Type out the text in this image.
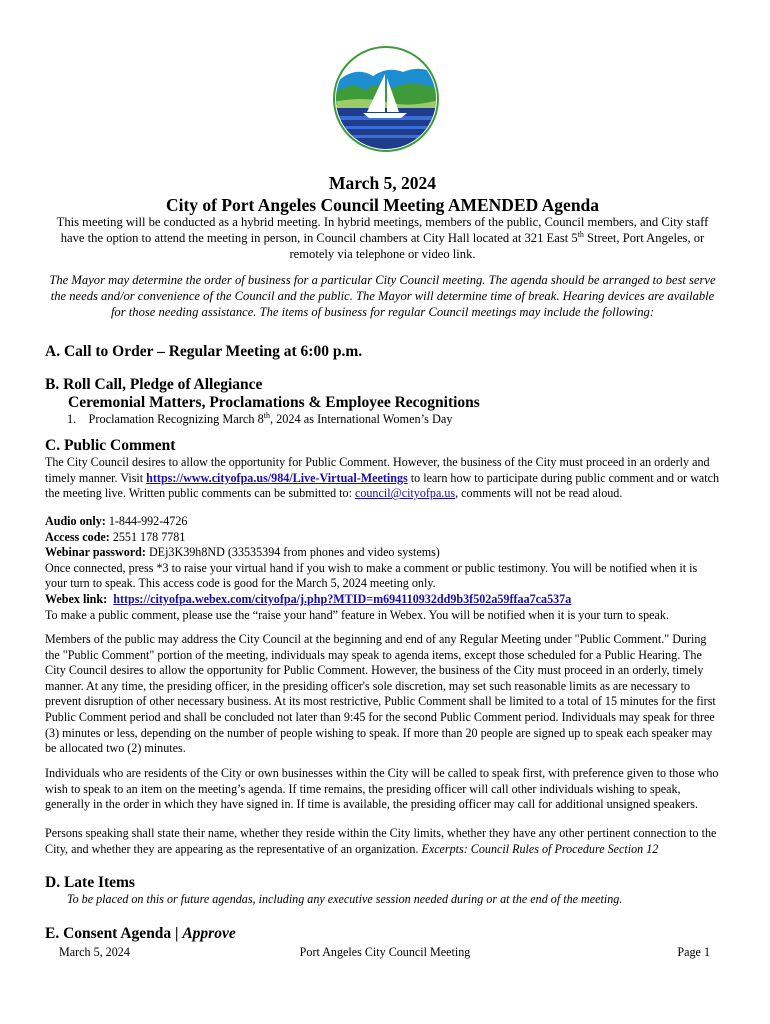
March 5, 2024
City of Port Angeles Council Meeting AMENDED Agenda
This meeting will be conducted as a hybrid meeting. In hybrid meetings, members of the public, Council members, and City staff have the option to attend the meeting in person, in Council chambers at City Hall located at 321 East 5th Street, Port Angeles, or remotely via telephone or video link.
The Mayor may determine the order of business for a particular City Council meeting. The agenda should be arranged to best serve the needs and/or convenience of the Council and the public. The Mayor will determine time of break. Hearing devices are available for those needing assistance. The items of business for regular Council meetings may include the following:
A. Call to Order – Regular Meeting at 6:00 p.m.
B. Roll Call, Pledge of Allegiance
Ceremonial Matters, Proclamations & Employee Recognitions
1. Proclamation Recognizing March 8th, 2024 as International Women’s Day
C. Public Comment
The City Council desires to allow the opportunity for Public Comment. However, the business of the City must proceed in an orderly and timely manner. Visit https://www.cityofpa.us/984/Live-Virtual-Meetings to learn how to participate during public comment and or watch the meeting live. Written public comments can be submitted to: council@cityofpa.us, comments will not be read aloud.
Audio only: 1-844-992-4726
Access code: 2551 178 7781
Webinar password: DEj3K39h8ND (33535394 from phones and video systems)
Once connected, press *3 to raise your virtual hand if you wish to make a comment or public testimony. You will be notified when it is your turn to speak. This access code is good for the March 5, 2024 meeting only.
Webex link: https://cityofpa.webex.com/cityofpa/j.php?MTID=m694110932dd9b3f502a59ffaa7ca537a
To make a public comment, please use the “raise your hand” feature in Webex. You will be notified when it is your turn to speak.
Members of the public may address the City Council at the beginning and end of any Regular Meeting under "Public Comment." During the "Public Comment" portion of the meeting, individuals may speak to agenda items, except those scheduled for a Public Hearing. The City Council desires to allow the opportunity for Public Comment. However, the business of the City must proceed in an orderly, timely manner. At any time, the presiding officer, in the presiding officer's sole discretion, may set such reasonable limits as are necessary to prevent disruption of other necessary business. At its most restrictive, Public Comment shall be limited to a total of 15 minutes for the first Public Comment period and shall be concluded not later than 9:45 for the second Public Comment period. Individuals may speak for three (3) minutes or less, depending on the number of people wishing to speak. If more than 20 people are signed up to speak each speaker may be allocated two (2) minutes.
Individuals who are residents of the City or own businesses within the City will be called to speak first, with preference given to those who wish to speak to an item on the meeting’s agenda. If time remains, the presiding officer will call other individuals wishing to speak, generally in the order in which they have signed in. If time is available, the presiding officer may call for additional unsigned speakers.
Persons speaking shall state their name, whether they reside within the City limits, whether they have any other pertinent connection to the City, and whether they are appearing as the representative of an organization. Excerpts: Council Rules of Procedure Section 12
D. Late Items
To be placed on this or future agendas, including any executive session needed during or at the end of the meeting.
E. Consent Agenda | Approve
March 5, 2024	Port Angeles City Council Meeting	Page 1
